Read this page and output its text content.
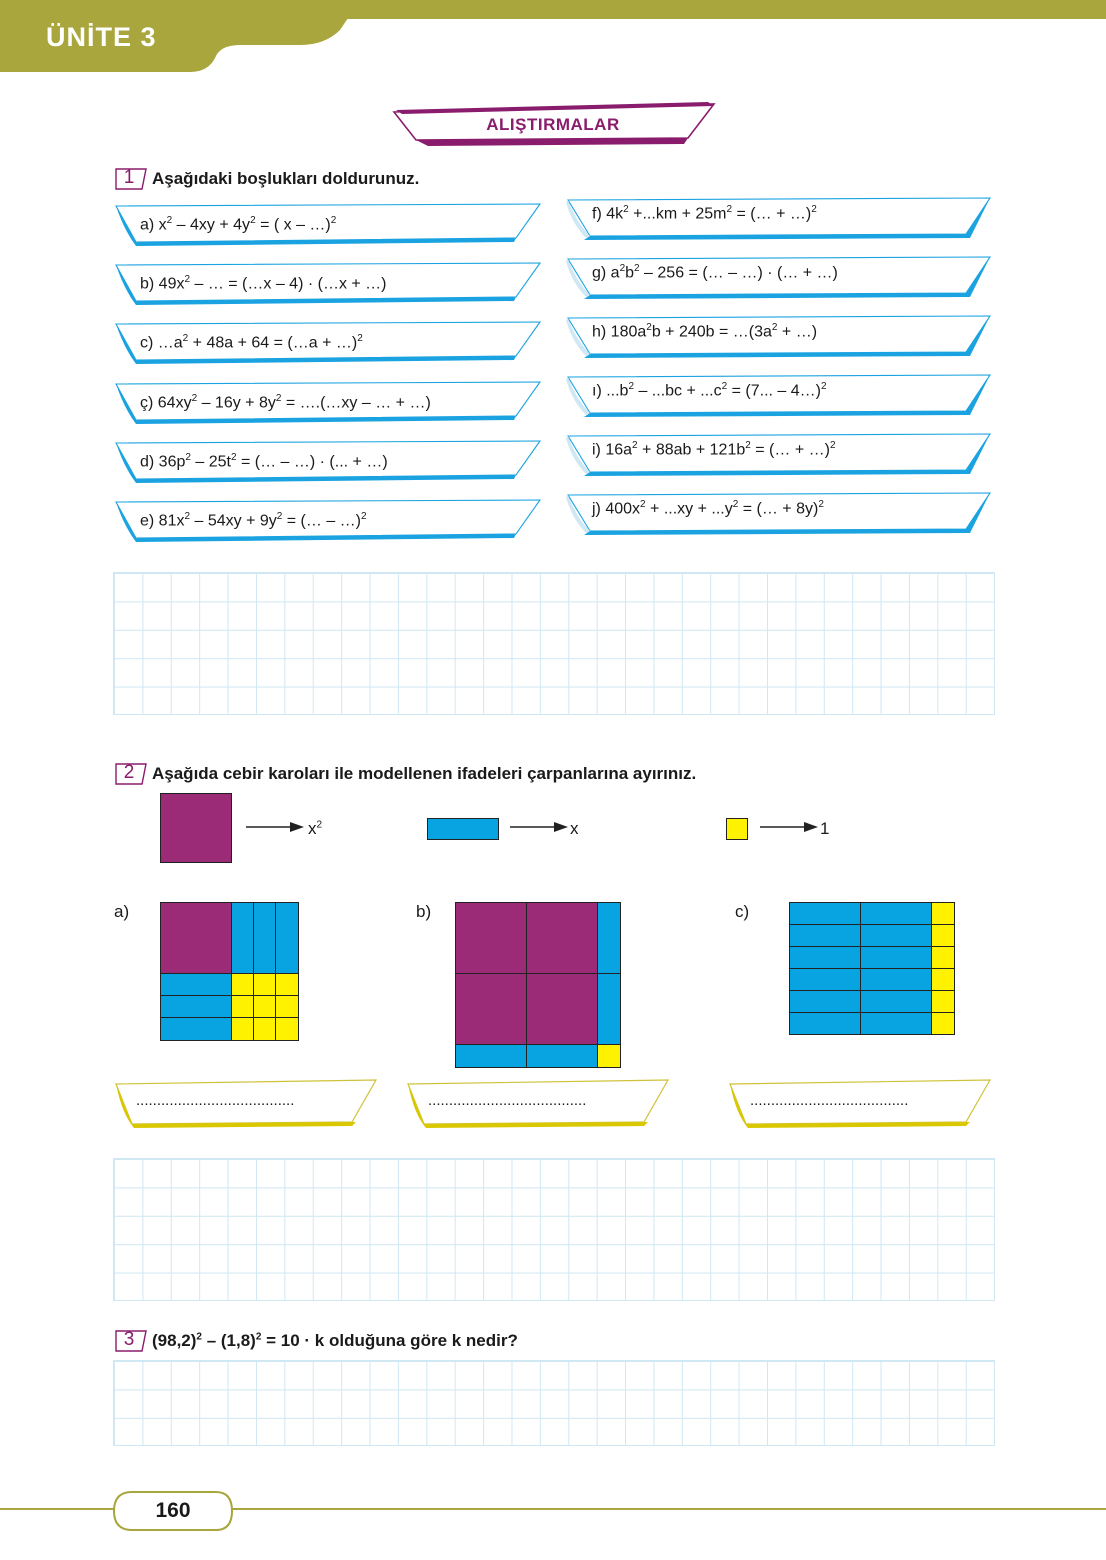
ÜNİTE 3
ALIŞTIRMALAR
1	Aşağıdaki boşlukları doldurunuz.
2	Aşağıda cebir karoları ile modellenen ifadeleri çarpanlarına ayırınız.
$x^2$	x	1
a)	b)	c)
......................................	......................................	......................................
3	$(98,2)^2 - (1,8)^2 = 10 \cdot k$ olduğuna göre k nedir?
160
a) $x^2 - 4xy + 4y^2$ = ( x – …)$^2$
b) $49x^2$ – … = (…x – 4) · (…x + …)
c) $\dots a^2 + 48a + 64$ = (…a + …)$^2$
ç) $64xy^2 - 16y + 8y^2$ = ….(…xy – … + …)
d) $36p^2 - 25t^2$ = (… – …) · (... + …)
e) $81x^2 - 54xy + 9y^2$ = (… – …)$^2$
f) $4k^2 +...km + 25m^2$ = (… + …)$^2$
g) $a^2b^2 - 256$ = (… – …) · (… + …)
h) $180a^2b + 240b$ = $\dots(3a^2$ + …)
ı) $...b^2 - ...bc + ...c^2 = (7$... – 4…)$^2$
i) $16a^2 + 88ab + 121b^2$ = (… + …)$^2$
j) $400x^2 + ...xy + ...y^2$ = (… + 8y)$^2$
